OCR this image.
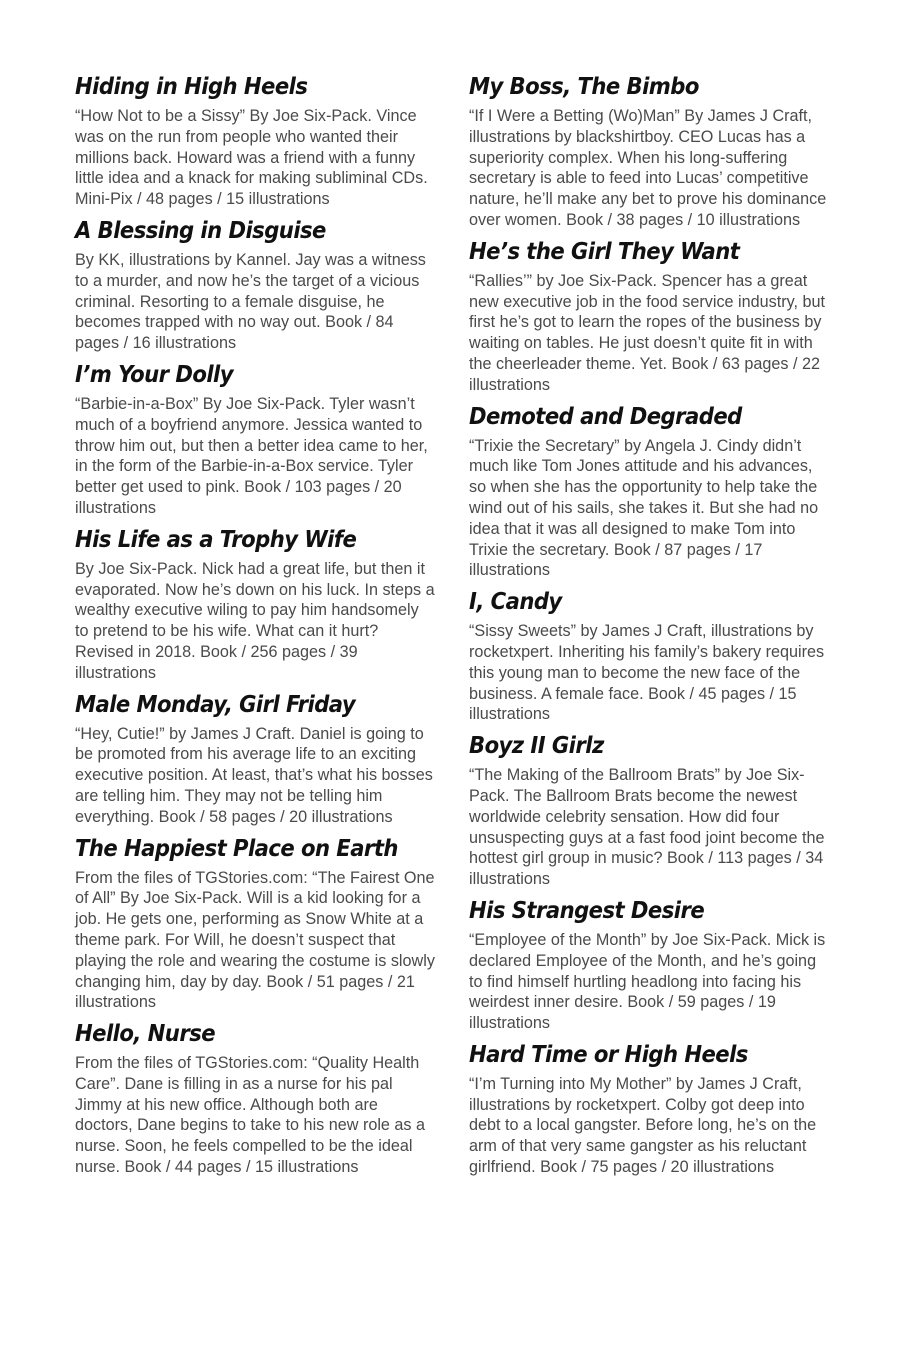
Hiding in High Heels
“How Not to be a Sissy” By Joe Six-Pack. Vince was on the run from people who wanted their millions back. Howard was a friend with a funny little idea and a knack for making subliminal CDs. Mini-Pix / 48 pages / 15 illustrations
A Blessing in Disguise
By KK, illustrations by Kannel. Jay was a witness to a murder, and now he’s the target of a vicious criminal. Resorting to a female disguise, he becomes trapped with no way out. Book / 84 pages / 16 illustrations
I’m Your Dolly
“Barbie-in-a-Box” By Joe Six-Pack. Tyler wasn’t much of a boyfriend anymore. Jessica wanted to throw him out, but then a better idea came to her, in the form of the Barbie-in-a-Box service. Tyler better get used to pink. Book / 103 pages / 20 illustrations
His Life as a Trophy Wife
By Joe Six-Pack. Nick had a great life, but then it evaporated. Now he’s down on his luck. In steps a wealthy executive wiling to pay him handsomely to pretend to be his wife. What can it hurt? Revised in 2018. Book / 256 pages / 39 illustrations
Male Monday, Girl Friday
“Hey, Cutie!” by James J Craft. Daniel is going to be promoted from his average life to an exciting executive position. At least, that’s what his bosses are telling him. They may not be telling him everything. Book / 58 pages / 20 illustrations
The Happiest Place on Earth
From the files of TGStories.com: “The Fairest One of All” By Joe Six-Pack. Will is a kid looking for a job. He gets one, performing as Snow White at a theme park. For Will, he doesn’t suspect that playing the role and wearing the costume is slowly changing him, day by day. Book / 51 pages / 21 illustrations
Hello, Nurse
From the files of TGStories.com: “Quality Health Care”. Dane is filling in as a nurse for his pal Jimmy at his new office. Although both are doctors, Dane begins to take to his new role as a nurse. Soon, he feels compelled to be the ideal nurse. Book / 44 pages / 15 illustrations
My Boss, The Bimbo
“If I Were a Betting (Wo)Man” By James J Craft, illustrations by blackshirtboy. CEO Lucas has a superiority complex. When his long-suffering secretary is able to feed into Lucas’ competitive nature, he’ll make any bet to prove his dominance over women. Book / 38 pages / 10 illustrations
He’s the Girl They Want
“Rallies’” by Joe Six-Pack. Spencer has a great new executive job in the food service industry, but first he’s got to learn the ropes of the business by waiting on tables. He just doesn’t quite fit in with the cheerleader theme. Yet. Book / 63 pages / 22 illustrations
Demoted and Degraded
“Trixie the Secretary” by Angela J. Cindy didn’t much like Tom Jones attitude and his advances, so when she has the opportunity to help take the wind out of his sails, she takes it. But she had no idea that it was all designed to make Tom into Trixie the secretary. Book / 87 pages / 17 illustrations
I, Candy
“Sissy Sweets” by James J Craft, illustrations by rocketxpert. Inheriting his family’s bakery requires this young man to become the new face of the business. A female face. Book / 45 pages / 15 illustrations
Boyz II Girlz
“The Making of the Ballroom Brats” by Joe Six-Pack. The Ballroom Brats become the newest worldwide celebrity sensation. How did four unsuspecting guys at a fast food joint become the hottest girl group in music? Book / 113 pages / 34 illustrations
His Strangest Desire
“Employee of the Month” by Joe Six-Pack. Mick is declared Employee of the Month, and he’s going to find himself hurtling headlong into facing his weirdest inner desire. Book / 59 pages / 19 illustrations
Hard Time or High Heels
“I’m Turning into My Mother” by James J Craft, illustrations by rocketxpert. Colby got deep into debt to a local gangster. Before long, he’s on the arm of that very same gangster as his reluctant girlfriend. Book / 75 pages / 20 illustrations
